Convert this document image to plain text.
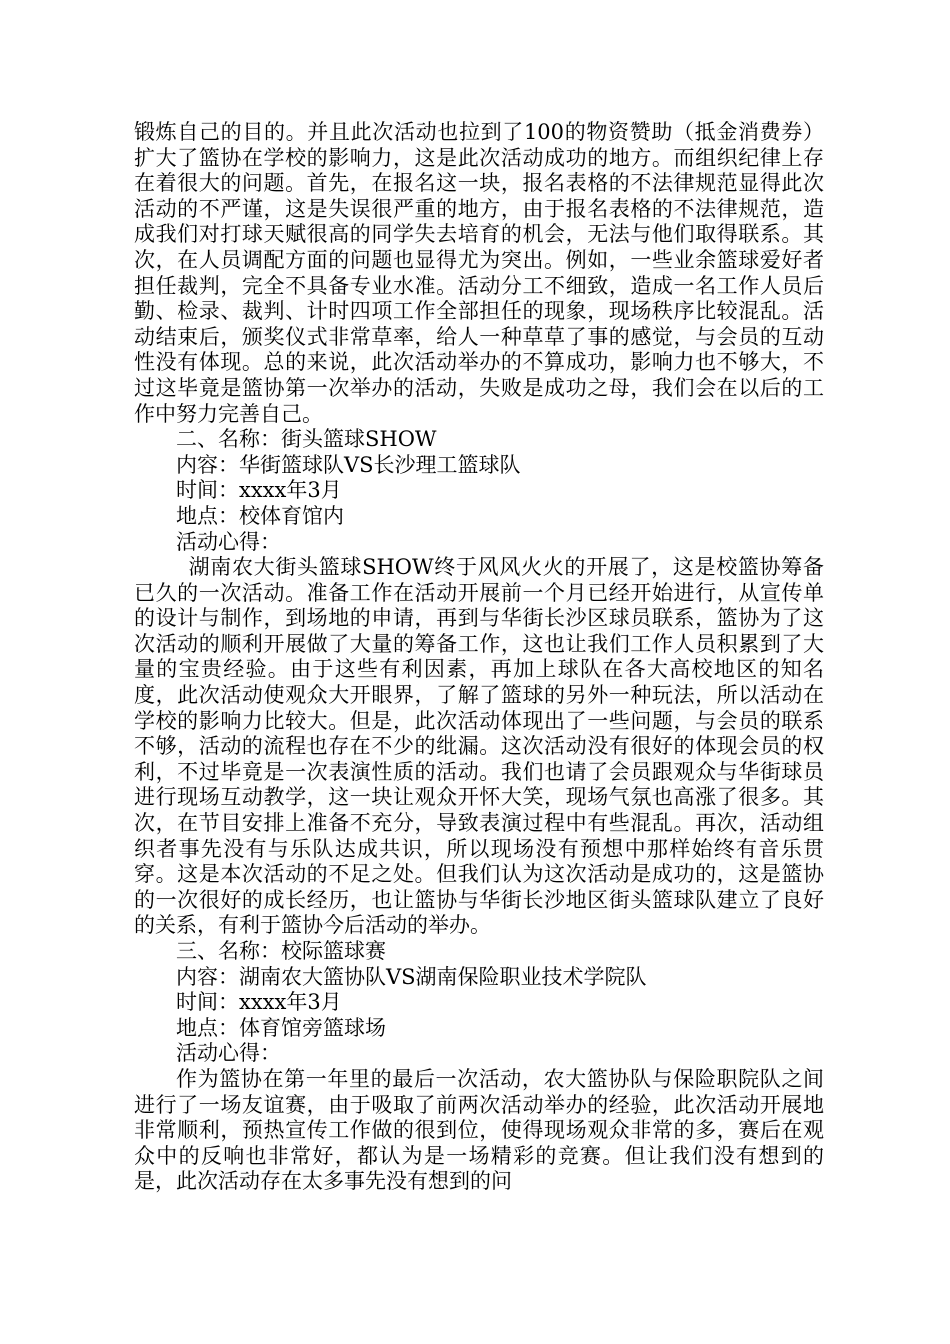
锻炼自己的目的。并且此次活动也拉到了100的物资赞助（抵金消费券）扩大了篮协在学校的影响力，这是此次活动成功的地方。而组织纪律上存在着很大的问题。首先，在报名这一块，报名表格的不法律规范显得此次活动的不严谨，这是失误很严重的地方，由于报名表格的不法律规范，造成我们对打球天赋很高的同学失去培育的机会，无法与他们取得联系。其次，在人员调配方面的问题也显得尤为突出。例如，一些业余篮球爱好者担任裁判，完全不具备专业水准。活动分工不细致，造成一名工作人员后勤、检录、裁判、计时四项工作全部担任的现象，现场秩序比较混乱。活动结束后，颁奖仪式非常草率，给人一种草草了事的感觉，与会员的互动性没有体现。总的来说，此次活动举办的不算成功，影响力也不够大，不过这毕竟是篮协第一次举办的活动，失败是成功之母，我们会在以后的工作中努力完善自己。

二、名称：街头篮球SHOW

内容：华街篮球队VS长沙理工篮球队

时间：xxxx年3月

地点：校体育馆内

活动心得：

湖南农大街头篮球SHOW终于风风火火的开展了，这是校篮协筹备已久的一次活动。准备工作在活动开展前一个月已经开始进行，从宣传单的设计与制作，到场地的申请，再到与华街长沙区球员联系，篮协为了这次活动的顺利开展做了大量的筹备工作，这也让我们工作人员积累到了大量的宝贵经验。由于这些有利因素，再加上球队在各大高校地区的知名度，此次活动使观众大开眼界，了解了篮球的另外一种玩法，所以活动在学校的影响力比较大。但是，此次活动体现出了一些问题，与会员的联系不够，活动的流程也存在不少的纰漏。这次活动没有很好的体现会员的权利，不过毕竟是一次表演性质的活动。我们也请了会员跟观众与华街球员进行现场互动教学，这一块让观众开怀大笑，现场气氛也高涨了很多。其次，在节目安排上准备不充分，导致表演过程中有些混乱。再次，活动组织者事先没有与乐队达成共识，所以现场没有预想中那样始终有音乐贯穿。这是本次活动的不足之处。但我们认为这次活动是成功的，这是篮协的一次很好的成长经历，也让篮协与华街长沙地区街头篮球队建立了良好的关系，有利于篮协今后活动的举办。

三、名称：校际篮球赛

内容：湖南农大篮协队VS湖南保险职业技术学院队

时间：xxxx年3月

地点：体育馆旁篮球场

活动心得：

作为篮协在第一年里的最后一次活动，农大篮协队与保险职院队之间进行了一场友谊赛，由于吸取了前两次活动举办的经验，此次活动开展地非常顺利，预热宣传工作做的很到位，使得现场观众非常的多，赛后在观众中的反响也非常好，都认为是一场精彩的竞赛。但让我们没有想到的是，此次活动存在太多事先没有想到的问
